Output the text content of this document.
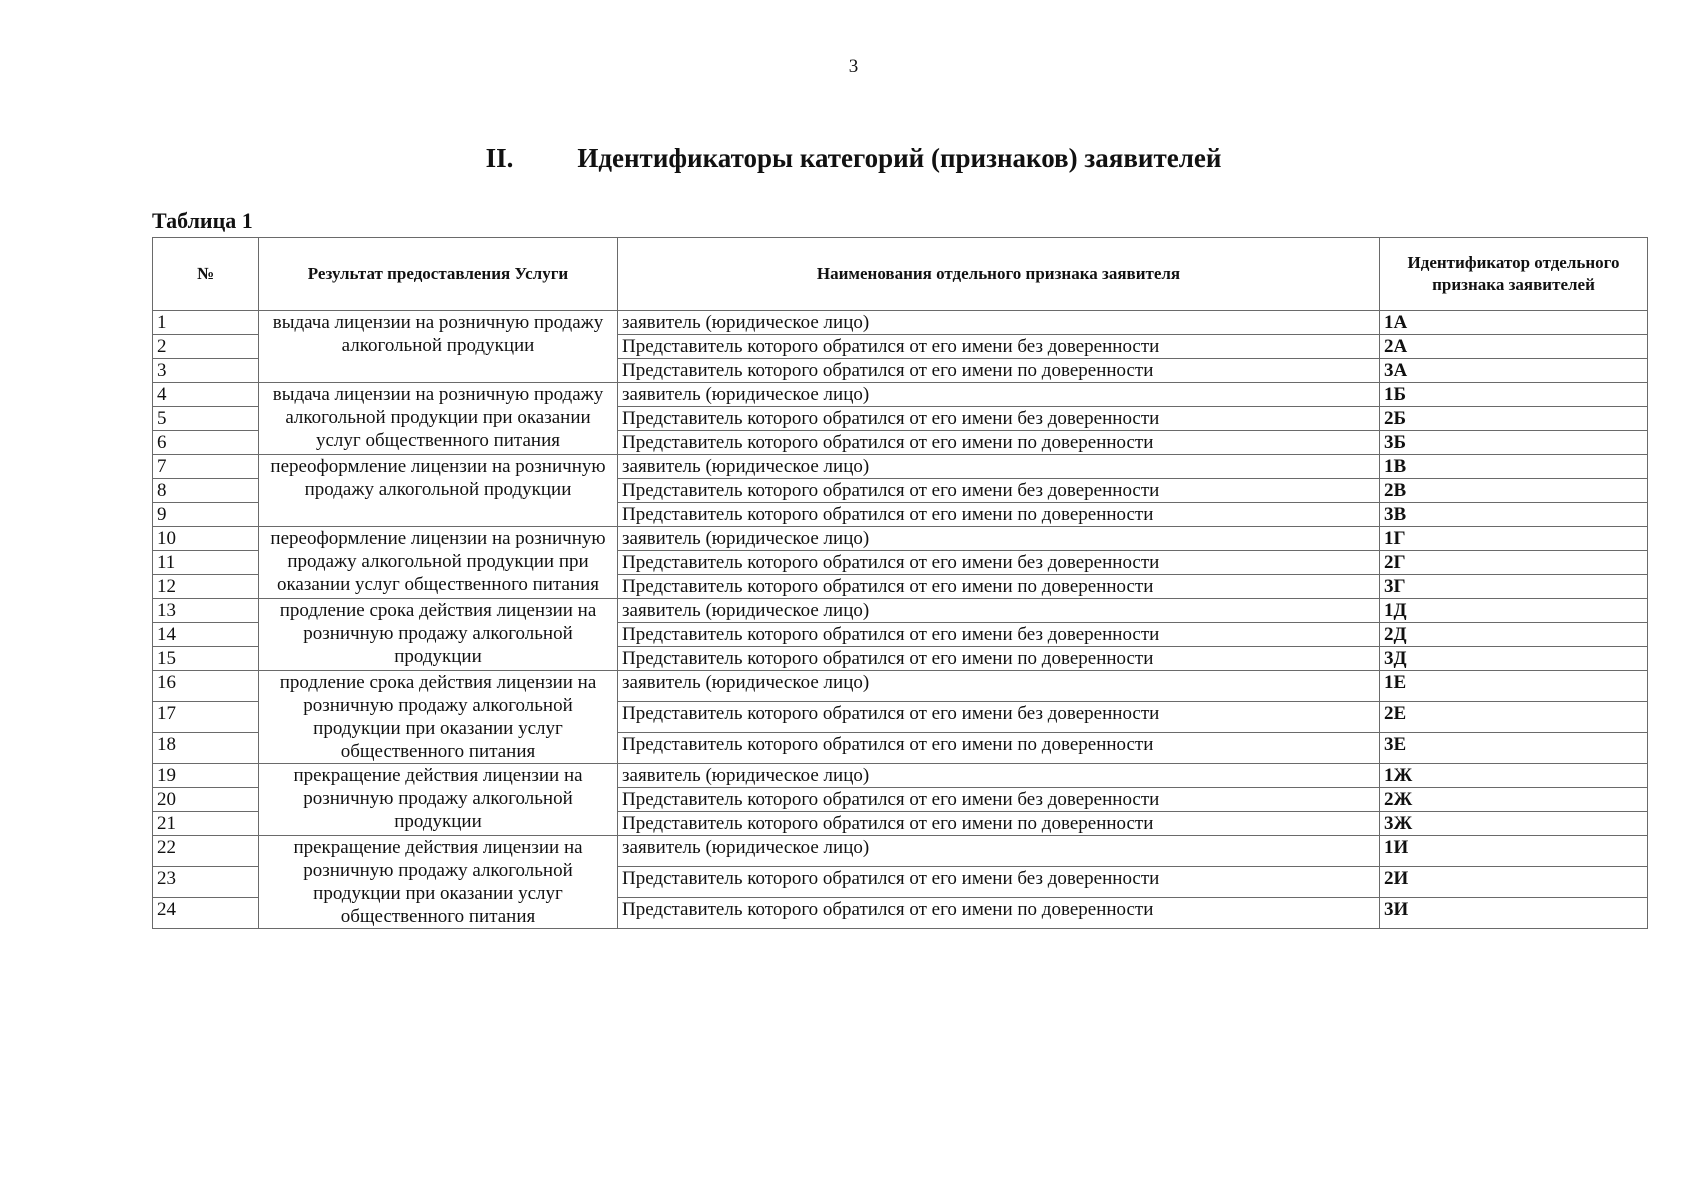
3
II. Идентификаторы категорий (признаков) заявителей
Таблица 1
№	Результат предоставления Услуги	Наименования отдельного признака заявителя	Идентификатор отдельного признака заявителей
1	выдача лицензии на розничную продажу алкогольной продукции	заявитель (юридическое лицо)	1А
2		Представитель которого обратился от его имени без доверенности	2А
3		Представитель которого обратился от его имени по доверенности	3А
4	выдача лицензии на розничную продажу алкогольной продукции при оказании услуг общественного питания	заявитель (юридическое лицо)	1Б
5		Представитель которого обратился от его имени без доверенности	2Б
6		Представитель которого обратился от его имени по доверенности	3Б
7	переоформление лицензии на розничную продажу алкогольной продукции	заявитель (юридическое лицо)	1В
8		Представитель которого обратился от его имени без доверенности	2В
9		Представитель которого обратился от его имени по доверенности	3В
10	переоформление лицензии на розничную продажу алкогольной продукции при оказании услуг общественного питания	заявитель (юридическое лицо)	1Г
11		Представитель которого обратился от его имени без доверенности	2Г
12		Представитель которого обратился от его имени по доверенности	3Г
13	продление срока действия лицензии на розничную продажу алкогольной продукции	заявитель (юридическое лицо)	1Д
14		Представитель которого обратился от его имени без доверенности	2Д
15		Представитель которого обратился от его имени по доверенности	3Д
16	продление срока действия лицензии на розничную продажу алкогольной продукции при оказании услуг общественного питания	заявитель (юридическое лицо)	1Е
17		Представитель которого обратился от его имени без доверенности	2Е
18		Представитель которого обратился от его имени по доверенности	3Е
19	прекращение действия лицензии на розничную продажу алкогольной продукции	заявитель (юридическое лицо)	1Ж
20		Представитель которого обратился от его имени без доверенности	2Ж
21		Представитель которого обратился от его имени по доверенности	3Ж
22	прекращение действия лицензии на розничную продажу алкогольной продукции при оказании услуг общественного питания	заявитель (юридическое лицо)	1И
23		Представитель которого обратился от его имени без доверенности	2И
24		Представитель которого обратился от его имени по доверенности	3И
